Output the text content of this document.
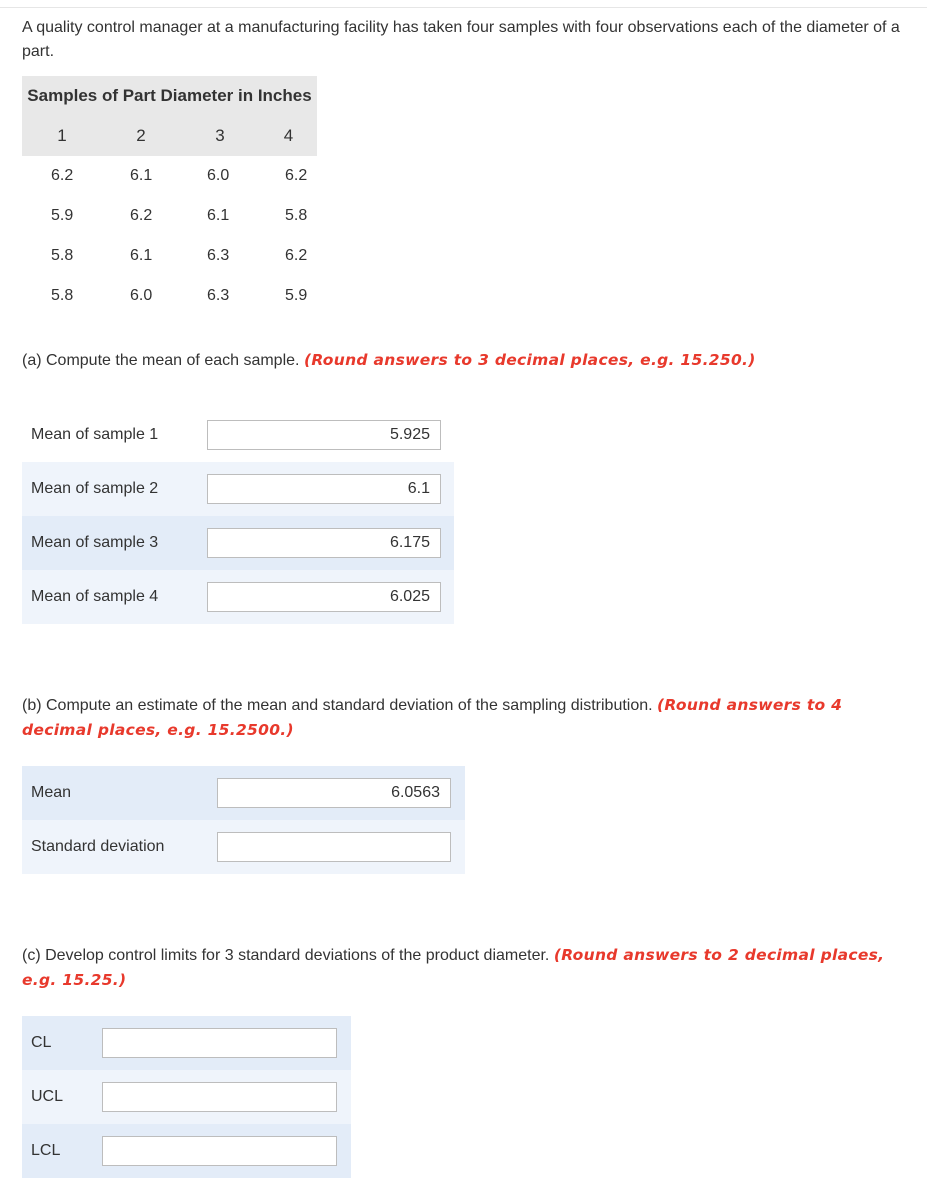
A quality control manager at a manufacturing facility has taken four samples with four observations each of the diameter of a part.
Samples of Part Diameter in Inches
1	2	3	4
6.2	6.1	6.0	6.2
5.9	6.2	6.1	5.8
5.8	6.1	6.3	6.2
5.8	6.0	6.3	5.9
(a) Compute the mean of each sample. (Round answers to 3 decimal places, e.g. 15.250.)
Mean of sample 1
5.925
Mean of sample 2
6.1
Mean of sample 3
6.175
Mean of sample 4
6.025
(b) Compute an estimate of the mean and standard deviation of the sampling distribution. (Round answers to 4 decimal places, e.g. 15.2500.)
Mean
6.0563
Standard deviation
(c) Develop control limits for 3 standard deviations of the product diameter. (Round answers to 2 decimal places, e.g. 15.25.)
CL
UCL
LCL
